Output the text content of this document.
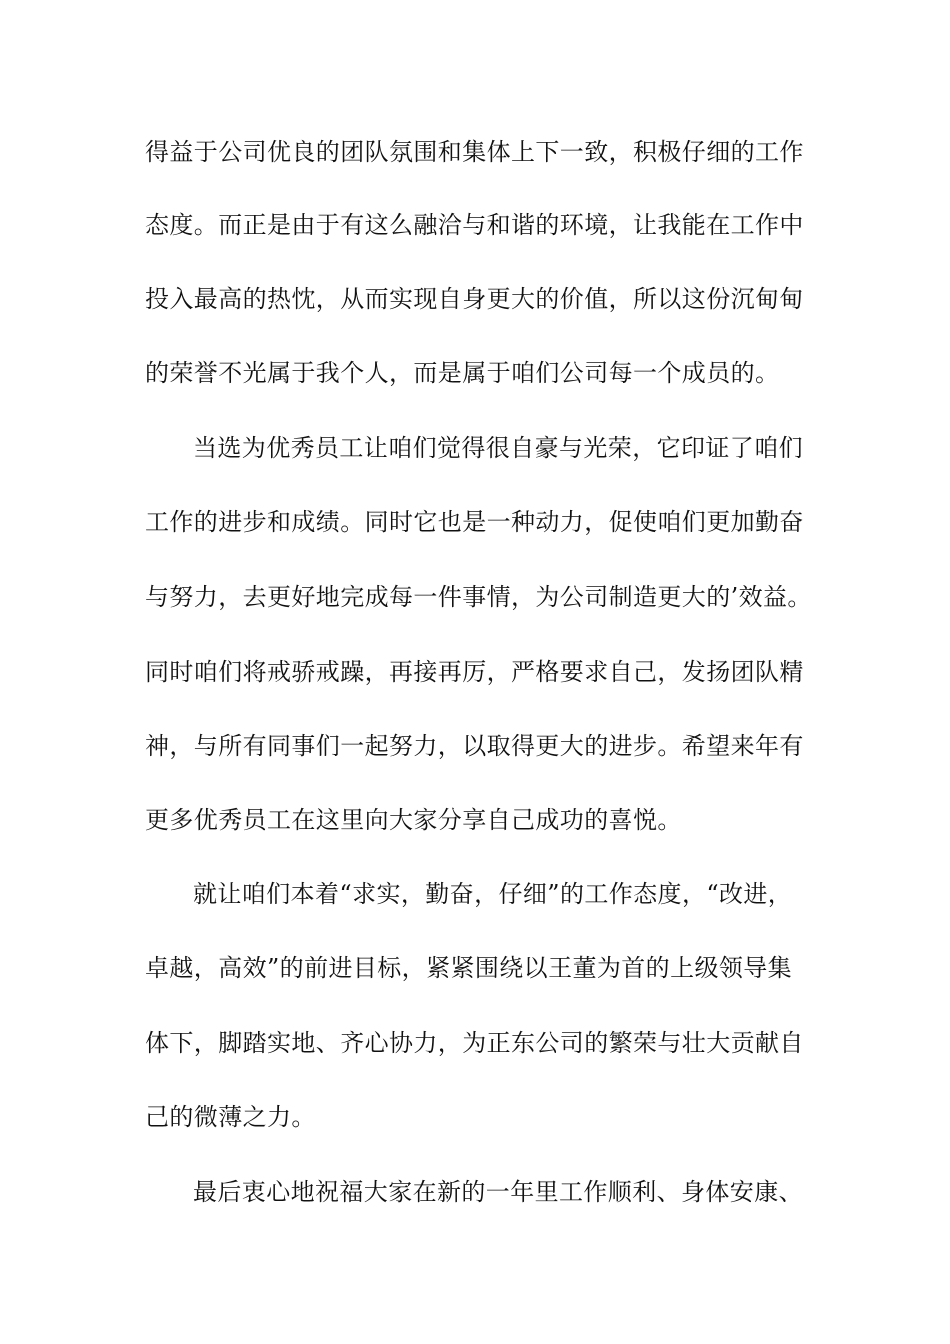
得益于公司优良的团队氛围和集体上下一致，积极仔细的工作
态度。而正是由于有这么融洽与和谐的环境，让我能在工作中
投入最高的热忱，从而实现自身更大的价值，所以这份沉甸甸
的荣誉不光属于我个人，而是属于咱们公司每一个成员的。
当选为优秀员工让咱们觉得很自豪与光荣，它印证了咱们
工作的进步和成绩。同时它也是一种动力，促使咱们更加勤奋
与努力，去更好地完成每一件事情，为公司制造更大的’效益。
同时咱们将戒骄戒躁，再接再厉，严格要求自己，发扬团队精
神，与所有同事们一起努力，以取得更大的进步。希望来年有
更多优秀员工在这里向大家分享自己成功的喜悦。
就让咱们本着“求实，勤奋，仔细”的工作态度，“改进，
卓越，高效”的前进目标，紧紧围绕以王董为首的上级领导集
体下，脚踏实地、齐心协力，为正东公司的繁荣与壮大贡献自
己的微薄之力。
最后衷心地祝福大家在新的一年里工作顺利、身体安康、
